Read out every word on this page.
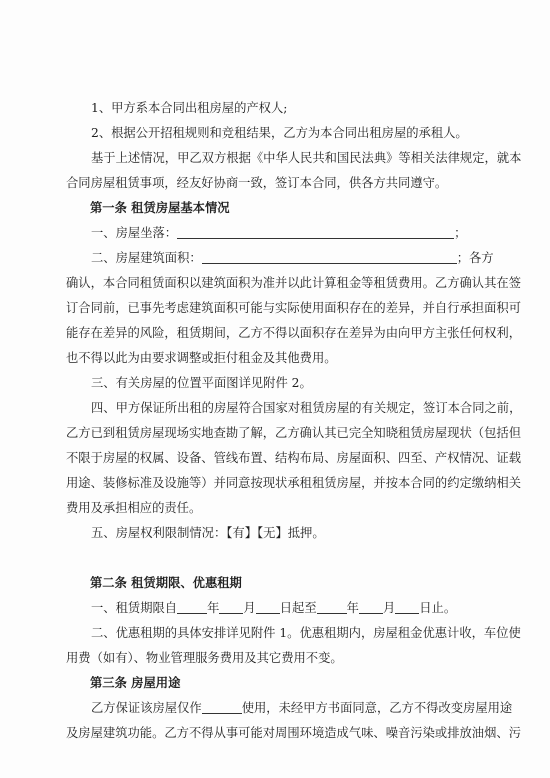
1、甲方系本合同出租房屋的产权人;
2、根据公开招租规则和竞租结果，乙方为本合同出租房屋的承租人。
基于上述情况，甲乙双方根据《中华人民共和国民法典》等相关法律规定，就本
合同房屋租赁事项，经友好协商一致，签订本合同，供各方共同遵守。
第一条 租赁房屋基本情况
一、房屋坐落：	；
二、房屋建筑面积：	；各方
确认，本合同租赁面积以建筑面积为准并以此计算租金等租赁费用。乙方确认其在签
订合同前，已事先考虑建筑面积可能与实际使用面积存在的差异，并自行承担面积可
能存在差异的风险，租赁期间，乙方不得以面积存在差异为由向甲方主张任何权利，
也不得以此为由要求调整或拒付租金及其他费用。
三、有关房屋的位置平面图详见附件 2。
四、甲方保证所出租的房屋符合国家对租赁房屋的有关规定，签订本合同之前，
乙方已到租赁房屋现场实地查勘了解，乙方确认其已完全知晓租赁房屋现状（包括但
不限于房屋的权属、设备、管线布置、结构布局、房屋面积、四至、产权情况、证载
用途、装修标准及设施等）并同意按现状承租租赁房屋，并按本合同的约定缴纳相关
费用及承担相应的责任。
五、房屋权利限制情况：【有】【无】抵押。
第二条 租赁期限、优惠租期
一、租赁期限自 年 月 日起至 年 月 日止。
二、优惠租期的具体安排详见附件 1。优惠租期内，房屋租金优惠计收，车位使
用费（如有）、物业管理服务费用及其它费用不变。
第三条 房屋用途
乙方保证该房屋仅作	使用，未经甲方书面同意，乙方不得改变房屋用途
及房屋建筑功能。乙方不得从事可能对周围环境造成气味、噪音污染或排放油烟、污
